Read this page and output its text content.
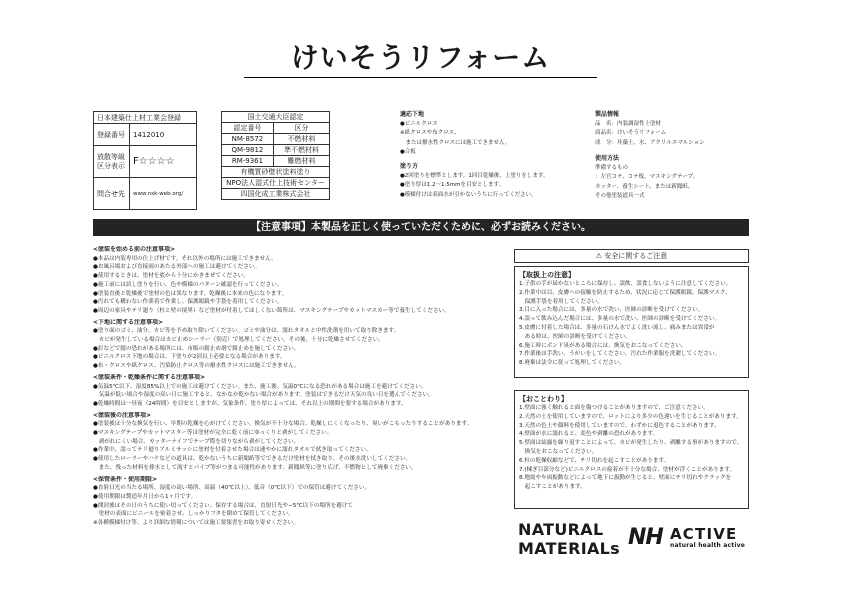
けいそうリフォーム
日本建築仕上材工業会登録	
登録番号	1412010
放散等級区分表示	F☆☆☆☆
問合せ先	www.nsk-web.org/
国土交通大臣認定	
認定番号	区分
NM-8572	不燃材料
QM-9812	準不燃材料
RM-9361	難燃材料
有機質砂壁状塗料塗り	
NPO法人湿式仕上技術センター	
四国化成工業株式会社	
適応下地
●ビニルクロス
※紙クロスや布クロス、
　または撥水性クロスには施工できません。
●合板
塗り方
●2回塗りを標準とします。1回目乾燥後、上塗りをします。
●塗り厚は1.2〜1.5mmを目安とします。
●模様付けは表面水が引かないうちに行ってください。
製品情報
品　名：内装調湿性上塗材
商品名：けいそうリフォーム
成　分：珪藻土、水、アクリルエマルション
使用方法
準備するもの
：左官コテ、コテ板、マスキングテープ、
カッター、養生シート、または新聞紙、
その他塗装道具一式
【注意事項】本製品を正しく使っていただくために、必ずお読みください。
<塗装を始める前の注意事項>
●本品は内装専用の仕上げ材です。それ以外の場所には施工できません。
●お風呂場および直接雨のあたる外部への施工は避けてください。
●使用するときは、塗材を底から十分にかきまぜてください。
●施工前には試し塗りを行い、色や模様のパターン確認を行ってください。
●塗装直後と乾燥後で塗材の色は異なります。乾燥後に本来の色になります。
●汚れても構わない作業着で作業し、保護眼鏡や手袋を着用してください。
●周辺の家具やテリ廻り（柱と壁の境界）など塗材が付着してほしくない箇所は、マスキングテープやカットマスカー等で養生してください。
<下地に関する注意事項>
●塗り面のゴミ、油分、カビ等を予め取り除いてください。ゴミや油分は、濡れタオルと中性洗剤を用いて取り除きます。
　カビが発生している場合はカビ止めシーラー（別売）で処理してください。その後、十分に乾燥させてください。
●釘などで錆の恐れがある場所には、市販の錆止め剤で錆止めを施してください。
●ビニルクロス下地の場合は、下塗りが2回以上必要となる場合があります。
●布・クロスや紙クロス、汚染防止クロス等の撥水性クロスには施工できません。
<塗装条件・乾燥条件に関する注意事項>
●気温5℃以下、湿度85%以上での施工は避けてください。また、施工後、気温0℃になる恐れがある場合は施工を避けてください。
　気温が低い場合や湿度の高い日に施工すると、なかなか乾かない場合があります。塗装はできるだけ天気の良い日を選んでください。
●乾燥時間は一昼夜（24時間）を目安としますが、気象条件、塗り厚によっては、それ以上の期間を要する場合があります。
<塗装後の注意事項>
●塗装後は十分な換気を行い、早期の乾燥を心がけてください。換気が不十分な場合、乾燥しにくくなったり、臭いがこもったりすることがあります。
●マスキングテープやカットマスター等は塗材が完全に乾く前にゆっくりと剥がしてください。
　剥がれにくい場合、カッターナイフでテープ際を切りながら剥がしてください。
●作業中、誤ってテリ廻りアルミサッシに塗材を付着させた場合は速やかに濡れタオルで拭き取ってください。
●使用したローラーやハケなどの道具は、乾かないうちに新聞紙等でできるだけ塗材を拭き取り、その後水洗いしてください。
　また、残った材料を排水として流すとパイプ等がつまる可能性があります。新聞紙等に塗り広げ、不燃物として廃棄ください。
<保管条件・使用期限>
●直射日光の当たる場所、湿度の高い場所、高温（40℃以上）、低音（0℃以下）での保管は避けてください。
●使用期限は製造年月日から1ヶ月です。
●開封後はその日のうちに使い切ってください。保存する場合は、直射日光や−5℃以下の場所を避けて
　塗材の表面にビニールを密着させ、しっかりフタを閉めて保管してください。
※各種模様付け等、より詳細な情報については施工要領書をお取り寄せください。
⚠ 安全に関するご注意
【取扱上の注意】
1.子供の手が届かないところに保存し、誤飲、誤食しないように注意してください。
2.作業中は目、皮膚への接触を防止するため、状況に応じて保護眼鏡、保護マスク、
　保護手袋を着用してください。
3.目に入った場合には、多量の水で洗い、医師の診断を受けてください。
4.誤って飲み込んだ場合には、多量の水で洗い、医師の診断を受けてください。
5.皮膚に付着した場合は、多量の石けん水でよく洗い流し、痛みまたは異常が
　ある時は、医師の診断を受けてください。
6.施工時にボンド臭がある場合には、換気をおこなってください。
7.作業後は手洗い、うがいをしてください。汚れた作業服を洗濯してください。
8.廃棄は法令に従って処理してください。
【おことわり】
1.壁面に強く触れると面を傷つけることがありますので、ご注意ください。
2.天然の土を使用していますので、ロットにより多少の色違いを生じることがあります。
3.天然の色土や顔料を使用していますので、わずかに退色することがあります。
4.壁面が水に濡れると、変色や剥離の恐れがあります。
5.壁面は結露を繰り返すことによって、カビが発生したり、剥離する事がありますので、
　換気をおこなってください。
6.柱の乾燥収縮などで、チリ切れを起こすことがあります。
7.(棟ぎ目部分など)ビニルクロスの接着が不十分な場合、塗材が浮くことがあります。
8.地震や车両振動などによって地下に振動が生じると、壁面にチリ切れやクラックを
　起こすことがあります。
NATURAL
MATERIALs NH ACTIVE
natural health active
